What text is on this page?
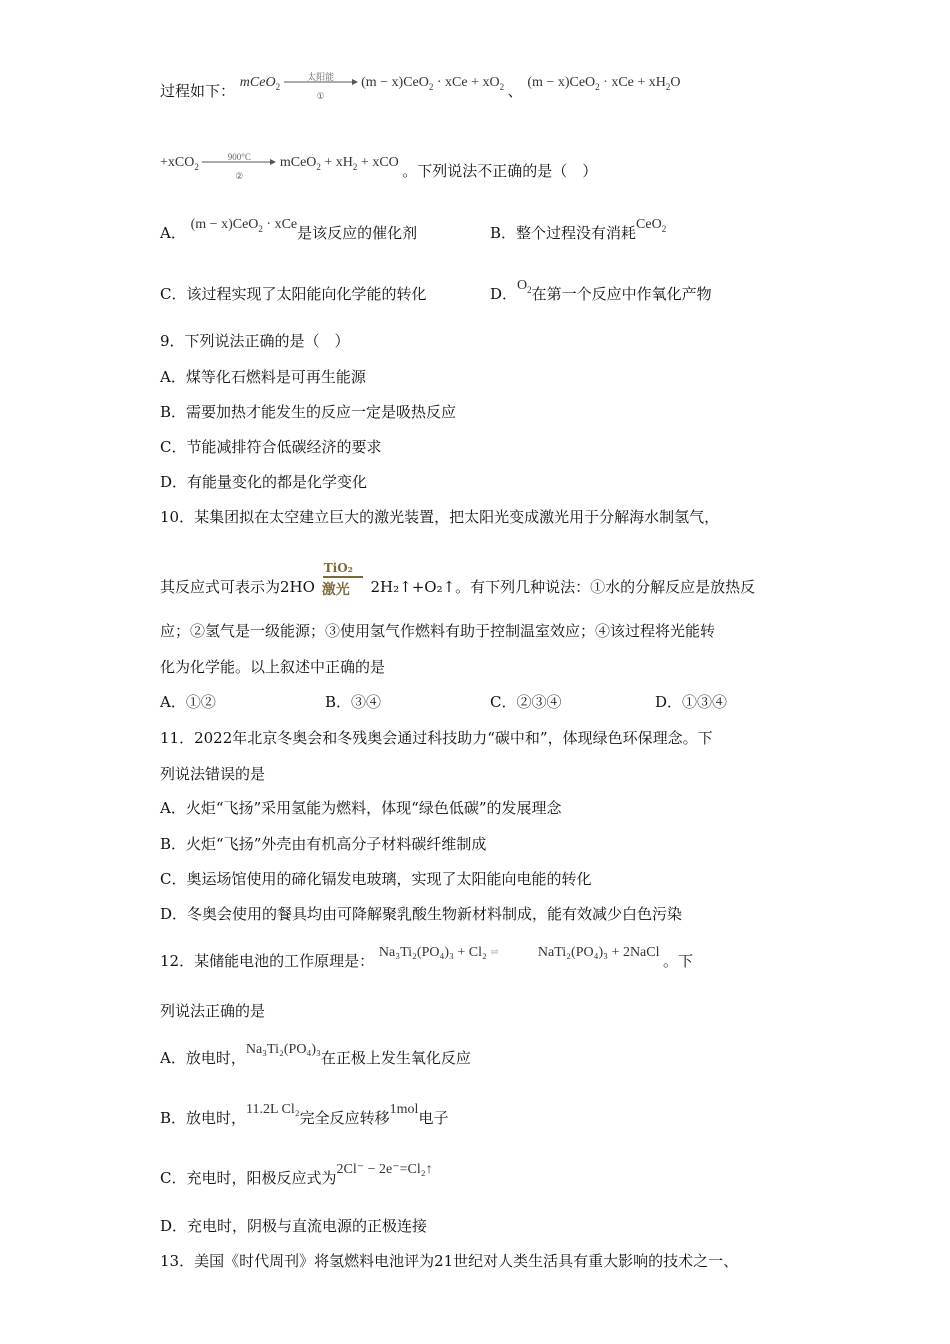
过程如下： mCeO$_2$
太阳能
①
(m − x)CeO$_2$ · xCe + $xO_2$ 、 (m − x)CeO$_2$ · xCe + $xH_2O$
+xCO$_2$
900°C
②
mCeO$_2$ + $xH_2$ + xCO 。下列说法不正确的是（　）
A． (m − x)CeO$_2$ · xCe是该反应的催化剂	B．整个过程没有消耗CeO$_2$
C．该过程实现了太阳能向化学能的转化	D．$O_2$在第一个反应中作氧化产物
9．下列说法正确的是（　）
A．煤等化石燃料是可再生能源
B．需要加热才能发生的反应一定是吸热反应
C．节能减排符合低碳经济的要求
D．有能量变化的都是化学变化
10．某集团拟在太空建立巨大的激光装置，把太阳光变成激光用于分解海水制氢气，
其反应式可表示为2HO
TiO₂
激光 2H₂↑+O₂↑。有下列几种说法：①水的分解反应是放热反
应；②氢气是一级能源；③使用氢气作燃料有助于控制温室效应；④该过程将光能转
化为化学能。以上叙述中正确的是
A．①②	B．③④	C．②③④	D．①③④
11．2022年北京冬奥会和冬残奥会通过科技助力“碳中和”，体现绿色环保理念。下
列说法错误的是
A．火炬“飞扬”采用氢能为燃料，体现“绿色低碳”的发展理念
B．火炬“飞扬”外壳由有机高分子材料碳纤维制成
C．奥运场馆使用的碲化镉发电玻璃，实现了太阳能向电能的转化
D．冬奥会使用的餐具均由可降解聚乳酸生物新材料制成，能有效减少白色污染
12．某储能电池的工作原理是： Na₃Ti₂(PO₄)₃ + Cl₂ ⇌	NaTi₂(PO₄)₃ + 2NaCl 。下
列说法正确的是
A．放电时，Na₃Ti₂(PO₄)₃在正极上发生氧化反应
B．放电时，11.2L Cl₂完全反应转移1mol电子
C．充电时，阳极反应式为2Cl⁻ − 2e⁻=Cl₂↑
D．充电时，阴极与直流电源的正极连接
13．美国《时代周刊》将氢燃料电池评为21世纪对人类生活具有重大影响的技术之一、
